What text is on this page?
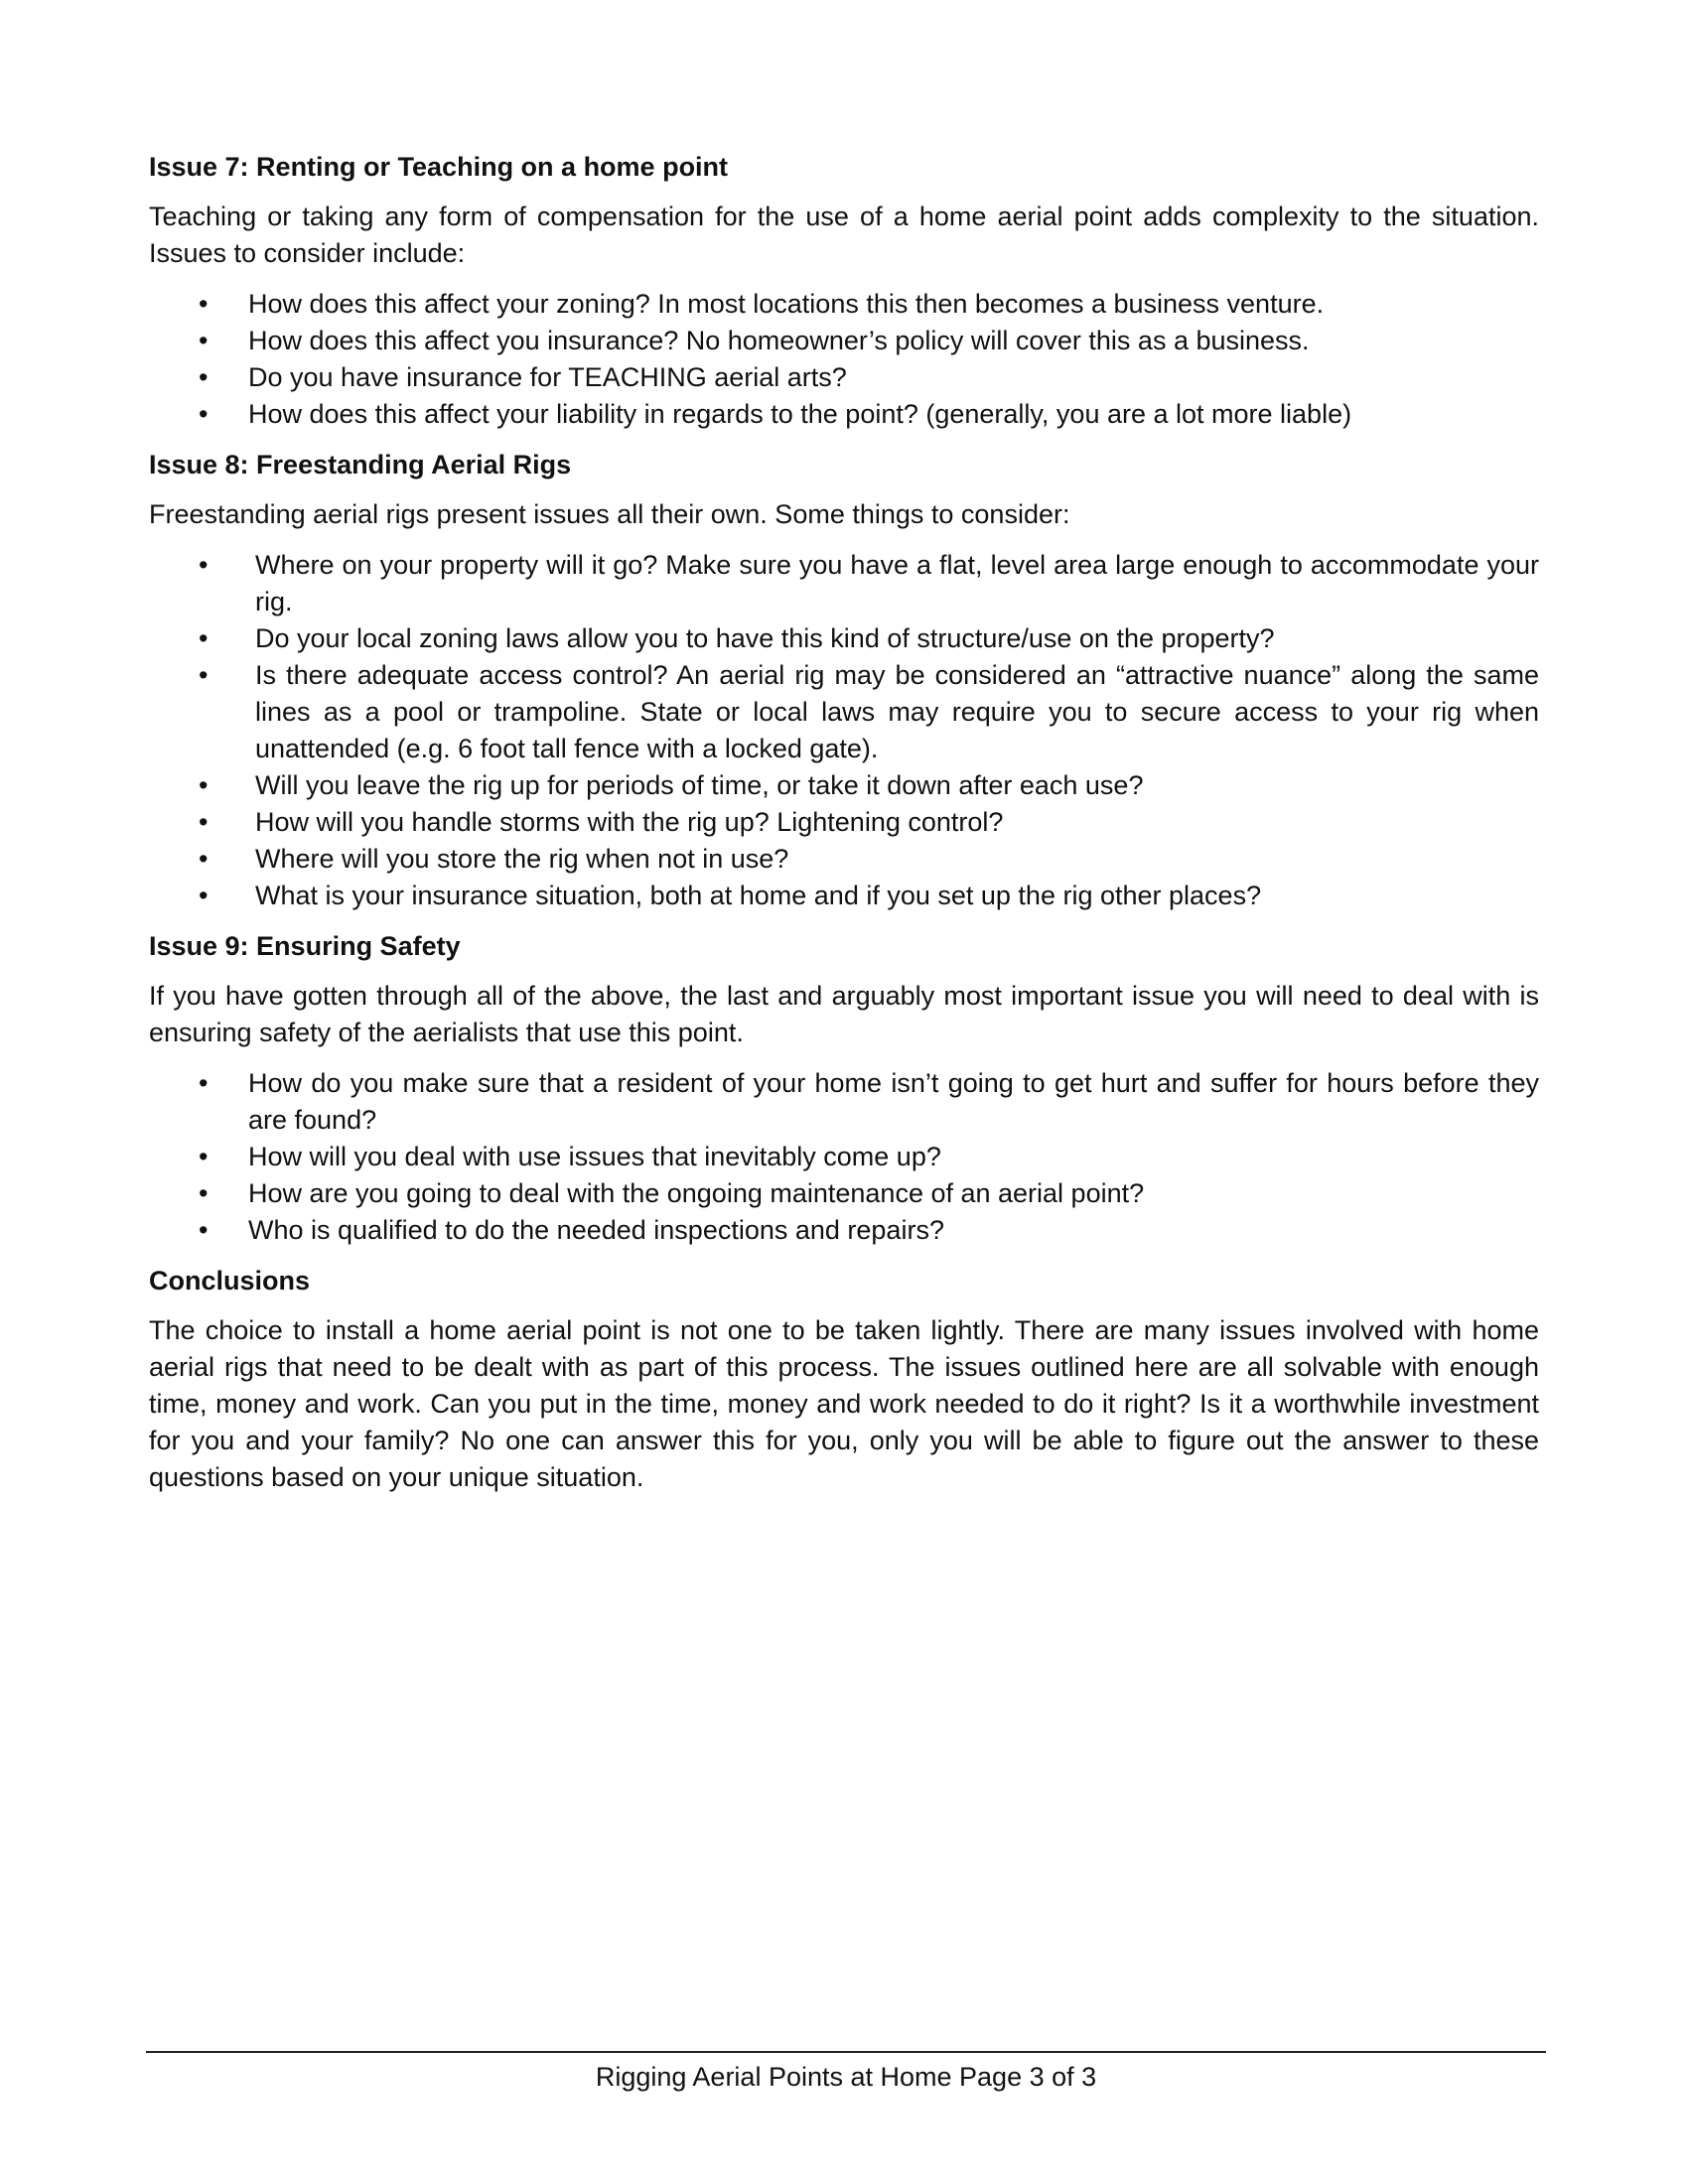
Issue 7: Renting or Teaching on a home point

Teaching or taking any form of compensation for the use of a home aerial point adds complexity to the situation. Issues to consider include:

• How does this affect your zoning? In most locations this then becomes a business venture.
• How does this affect you insurance? No homeowner’s policy will cover this as a business.
• Do you have insurance for TEACHING aerial arts?
• How does this affect your liability in regards to the point? (generally, you are a lot more liable)
Issue 8: Freestanding Aerial Rigs

Freestanding aerial rigs present issues all their own. Some things to consider:

• Where on your property will it go? Make sure you have a flat, level area large enough to accommodate your rig.
• Do your local zoning laws allow you to have this kind of structure/use on the property?
• Is there adequate access control? An aerial rig may be considered an “attractive nuance” along the same lines as a pool or trampoline. State or local laws may require you to secure access to your rig when unattended (e.g. 6 foot tall fence with a locked gate).
• Will you leave the rig up for periods of time, or take it down after each use?
• How will you handle storms with the rig up? Lightening control?
• Where will you store the rig when not in use?
• What is your insurance situation, both at home and if you set up the rig other places?
Issue 9: Ensuring Safety

If you have gotten through all of the above, the last and arguably most important issue you will need to deal with is ensuring safety of the aerialists that use this point.

• How do you make sure that a resident of your home isn’t going to get hurt and suffer for hours before they are found?
• How will you deal with use issues that inevitably come up?
• How are you going to deal with the ongoing maintenance of an aerial point?
• Who is qualified to do the needed inspections and repairs?
Conclusions

The choice to install a home aerial point is not one to be taken lightly. There are many issues involved with home aerial rigs that need to be dealt with as part of this process. The issues outlined here are all solvable with enough time, money and work. Can you put in the time, money and work needed to do it right? Is it a worthwhile investment for you and your family? No one can answer this for you, only you will be able to figure out the answer to these questions based on your unique situation.

Rigging Aerial Points at Home Page 3 of 3
